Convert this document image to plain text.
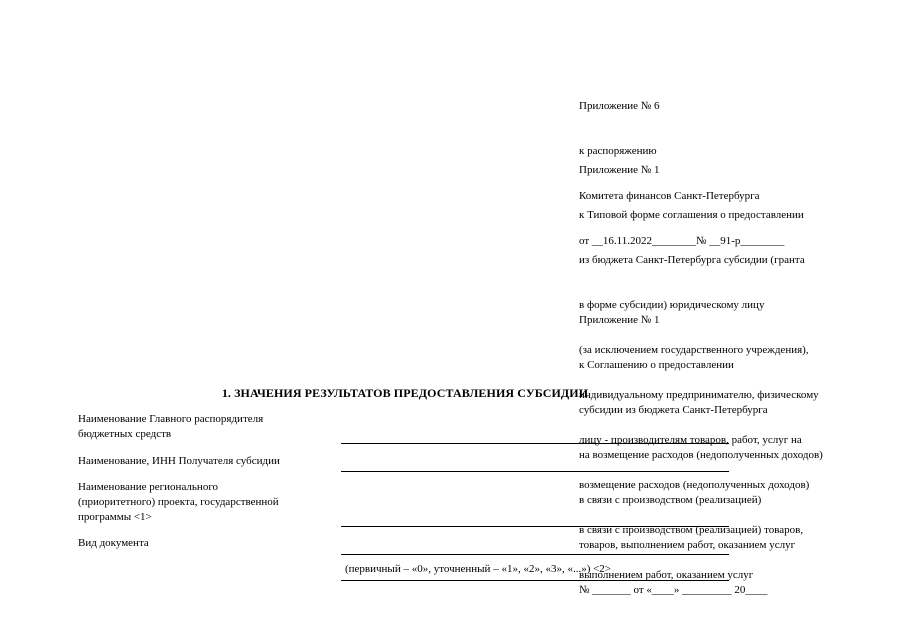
Приложение № 6

к распоряжению

Комитета финансов Санкт-Петербурга

от __16.11.2022________№ __91-р________

Приложение № 1

к Типовой форме соглашения о предоставлении

из бюджета Санкт-Петербурга субсидии (гранта

в форме субсидии) юридическому лицу

(за исключением государственного учреждения),

индивидуальному предпринимателю, физическому

лицу - производителям товаров, работ, услуг на

возмещение расходов (недополученных доходов)

в связи с производством (реализацией) товаров,

выполнением работ, оказанием услуг

Приложение № 1

к Соглашению о предоставлении

субсидии из бюджета Санкт-Петербурга

на возмещение расходов (недополученных доходов)

в связи с производством (реализацией)

товаров, выполнением работ, оказанием услуг

№ _______ от «____» _________ 20____

1. ЗНАЧЕНИЯ РЕЗУЛЬТАТОВ ПРЕДОСТАВЛЕНИЯ СУБСИДИИ
Наименование Главного распорядителя
бюджетных средств
Наименование, ИНН Получателя субсидии
Наименование регионального
(приоритетного) проекта, государственной
программы <1>
Вид документа
(первичный – «0», уточненный – «1», «2», «3», «...») <2>
